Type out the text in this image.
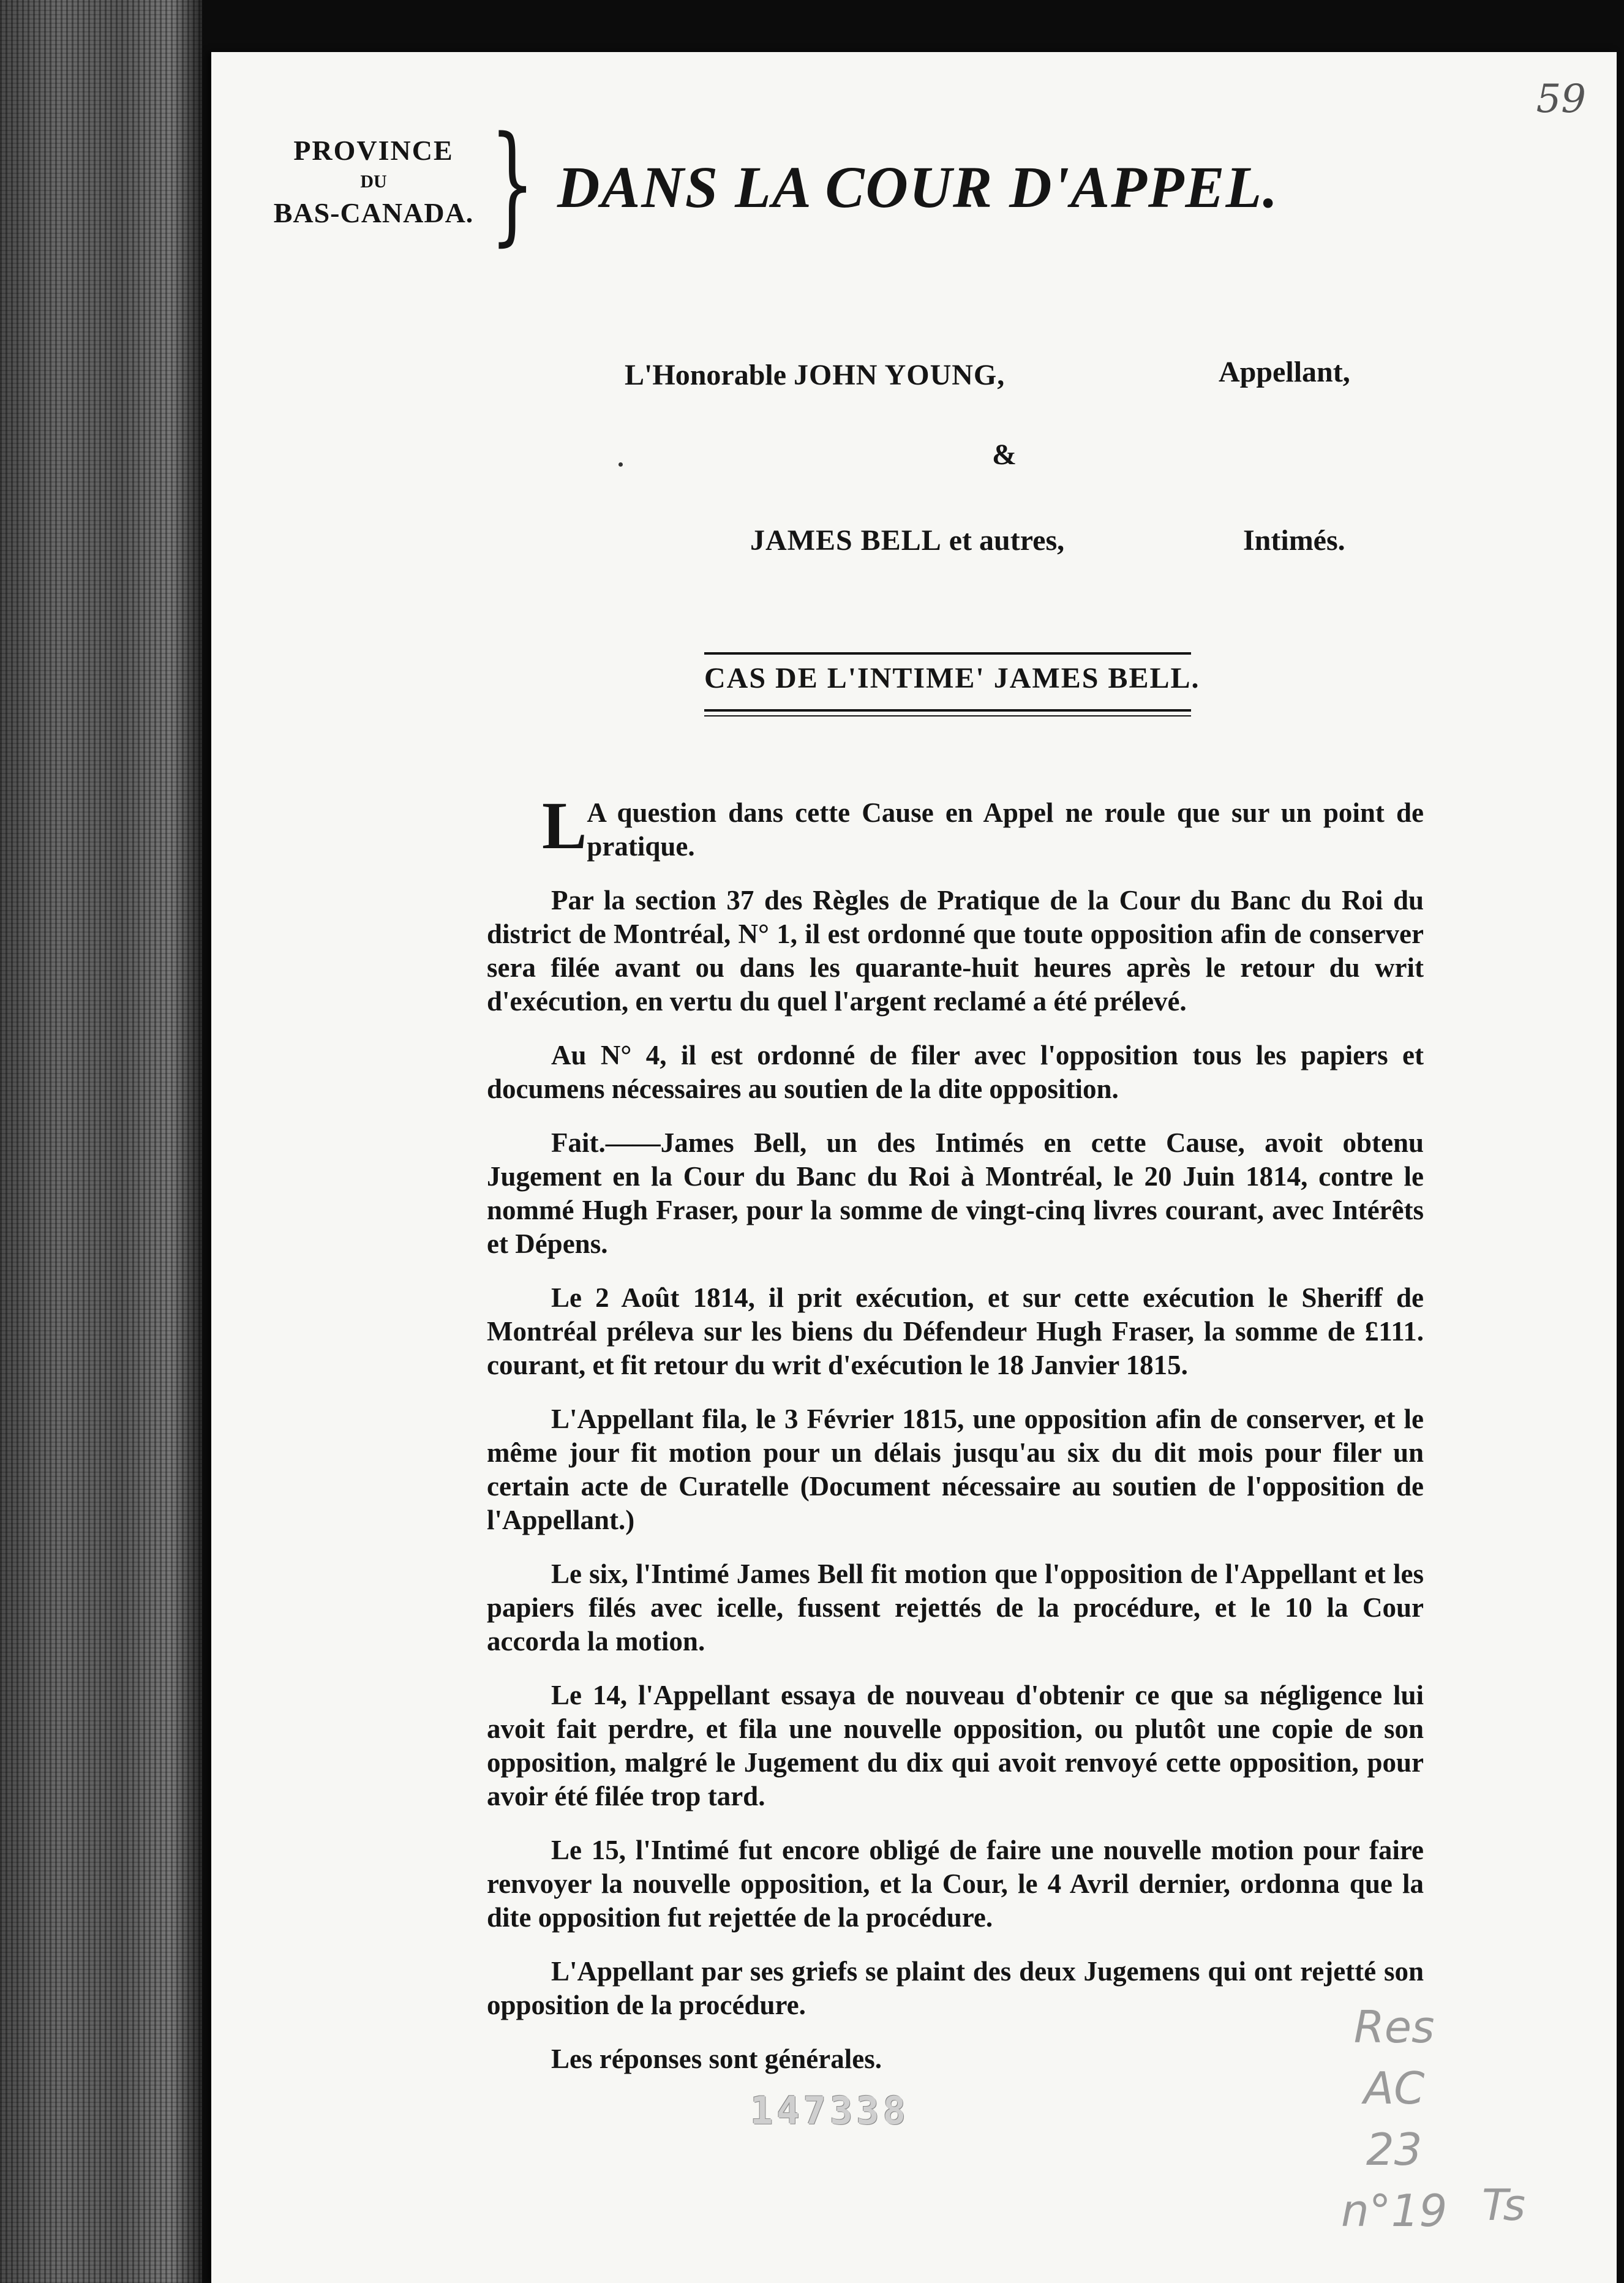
59
PROVINCE
DU
BAS-CANADA. } DANS LA COUR D'APPEL.
L'Honorable JOHN YOUNG,	Appellant,
&
JAMES BELL et autres,	Intimés.
CAS DE L'INTIME' JAMES BELL.

L A question dans cette Cause en Appel ne roule que sur un point de pratique.

Par la section 37 des Règles de Pratique de la Cour du Banc du Roi du district de Montréal, N° 1, il est ordonné que toute opposition afin de conserver sera filée avant ou dans les quarante-huit heures après le retour du writ d'exécution, en vertu du quel l'argent reclamé a été prélevé.

Au N° 4, il est ordonné de filer avec l'opposition tous les papiers et documens nécessaires au soutien de la dite opposition.

Fait.——James Bell, un des Intimés en cette Cause, avoit obtenu Jugement en la Cour du Banc du Roi à Montréal, le 20 Juin 1814, contre le nommé Hugh Fraser, pour la somme de vingt-cinq livres courant, avec Intérêts et Dépens.

Le 2 Août 1814, il prit exécution, et sur cette exécution le Sheriff de Montréal préleva sur les biens du Défendeur Hugh Fraser, la somme de £111. courant, et fit retour du writ d'exécution le 18 Janvier 1815.

L'Appellant fila, le 3 Février 1815, une opposition afin de conserver, et le même jour fit motion pour un délais jusqu'au six du dit mois pour filer un certain acte de Curatelle (Document nécessaire au soutien de l'opposition de l'Appellant.)

Le six, l'Intimé James Bell fit motion que l'opposition de l'Appellant et les papiers filés avec icelle, fussent rejettés de la procédure, et le 10 la Cour accorda la motion.

Le 14, l'Appellant essaya de nouveau d'obtenir ce que sa négligence lui avoit fait perdre, et fila une nouvelle opposition, ou plutôt une copie de son opposition, malgré le Jugement du dix qui avoit renvoyé cette opposition, pour avoir été filée trop tard.

Le 15, l'Intimé fut encore obligé de faire une nouvelle motion pour faire renvoyer la nouvelle opposition, et la Cour, le 4 Avril dernier, ordonna que la dite opposition fut rejettée de la procédure.

L'Appellant par ses griefs se plaint des deux Jugemens qui ont rejetté son opposition de la procédure.

Les réponses sont générales.

147338
Res
AC
23
n°19 Ts
